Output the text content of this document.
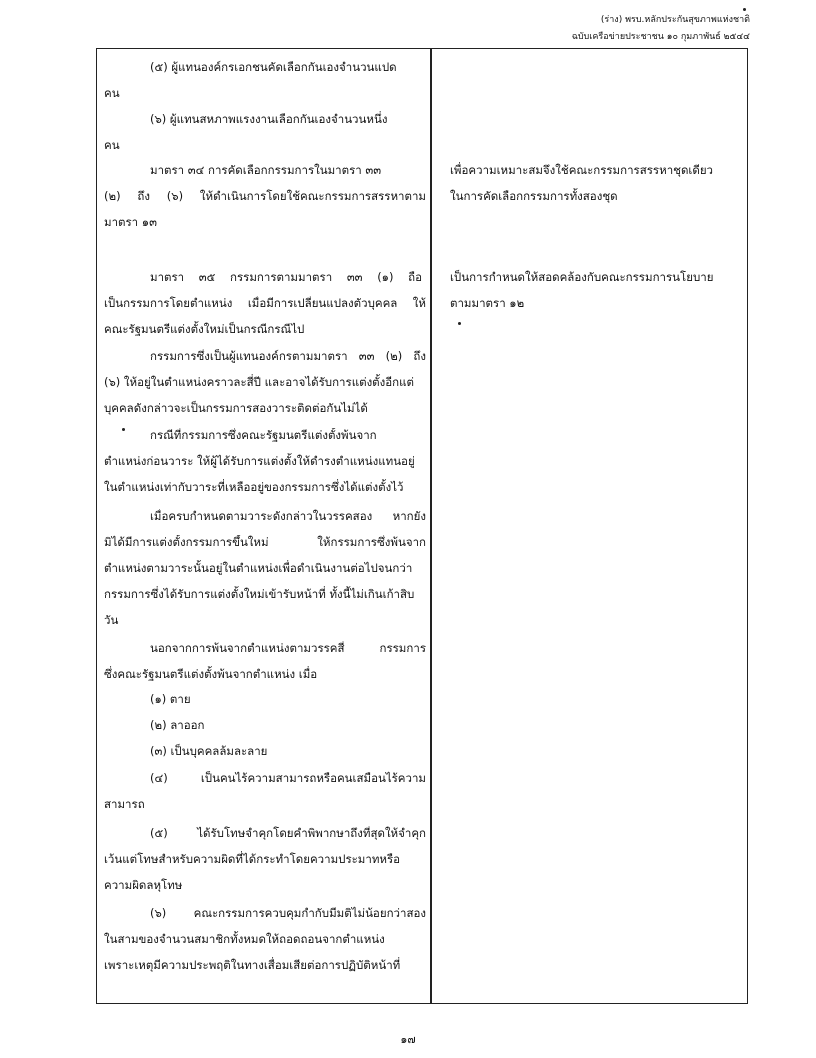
(ร่าง) พรบ.หลักประกันสุขภาพแห่งชาติ
ฉบับเครือข่ายประชาชน ๑๐ กุมภาพันธ์ ๒๕๔๔
(๕) ผู้แทนองค์กรเอกชนคัดเลือกกันเองจำนวนแปด
คน
(๖) ผู้แทนสหภาพแรงงานเลือกกันเองจำนวนหนึ่ง
คน
มาตรา ๓๔ การคัดเลือกกรรมการในมาตรา ๓๓
(๒) ถึง (๖) ให้ดำเนินการโดยใช้คณะกรรมการสรรหาตาม
มาตรา ๑๓
มาตรา ๓๕ กรรมการตามมาตรา ๓๓ (๑) ถือ
เป็นกรรมการโดยตำแหน่ง เมื่อมีการเปลี่ยนแปลงตัวบุคคล ให้
คณะรัฐมนตรีแต่งตั้งใหม่เป็นกรณีกรณีไป
กรรมการซึ่งเป็นผู้แทนองค์กรตามมาตรา ๓๓ (๒) ถึง
(๖) ให้อยู่ในตำแหน่งคราวละสี่ปี และอาจได้รับการแต่งตั้งอีกแต่
บุคคลดังกล่าวจะเป็นกรรมการสองวาระติดต่อกันไม่ได้
กรณีที่กรรมการซึ่งคณะรัฐมนตรีแต่งตั้งพ้นจาก
ตำแหน่งก่อนวาระ ให้ผู้ได้รับการแต่งตั้งให้ดำรงตำแหน่งแทนอยู่
ในตำแหน่งเท่ากับวาระที่เหลืออยู่ของกรรมการซึ่งได้แต่งตั้งไว้
เมื่อครบกำหนดตามวาระดังกล่าวในวรรคสอง หากยัง
มิได้มีการแต่งตั้งกรรมการขึ้นใหม่ ให้กรรมการซึ่งพ้นจาก
ตำแหน่งตามวาระนั้นอยู่ในตำแหน่งเพื่อดำเนินงานต่อไปจนกว่า
กรรมการซึ่งได้รับการแต่งตั้งใหม่เข้ารับหน้าที่ ทั้งนี้ไม่เกินเก้าสิบ
วัน
นอกจากการพ้นจากตำแหน่งตามวรรคสี่ กรรมการ
ซึ่งคณะรัฐมนตรีแต่งตั้งพ้นจากตำแหน่ง เมื่อ
(๑) ตาย
(๒) ลาออก
(๓) เป็นบุคคลล้มละลาย
(๔) เป็นคนไร้ความสามารถหรือคนเสมือนไร้ความ
สามารถ
(๕) ได้รับโทษจำคุกโดยคำพิพากษาถึงที่สุดให้จำคุก
เว้นแต่โทษสำหรับความผิดที่ได้กระทำโดยความประมาทหรือ
ความผิดลหุโทษ
(๖) คณะกรรมการควบคุมกำกับมีมติไม่น้อยกว่าสอง
ในสามของจำนวนสมาชิกทั้งหมดให้ถอดถอนจากตำแหน่ง
เพราะเหตุมีความประพฤติในทางเสื่อมเสียต่อการปฏิบัติหน้าที่
เพื่อความเหมาะสมจึงใช้คณะกรรมการสรรหาชุดเดียว
ในการคัดเลือกกรรมการทั้งสองชุด
เป็นการกำหนดให้สอดคล้องกับคณะกรรมการนโยบาย
ตามมาตรา ๑๒
๑๗
